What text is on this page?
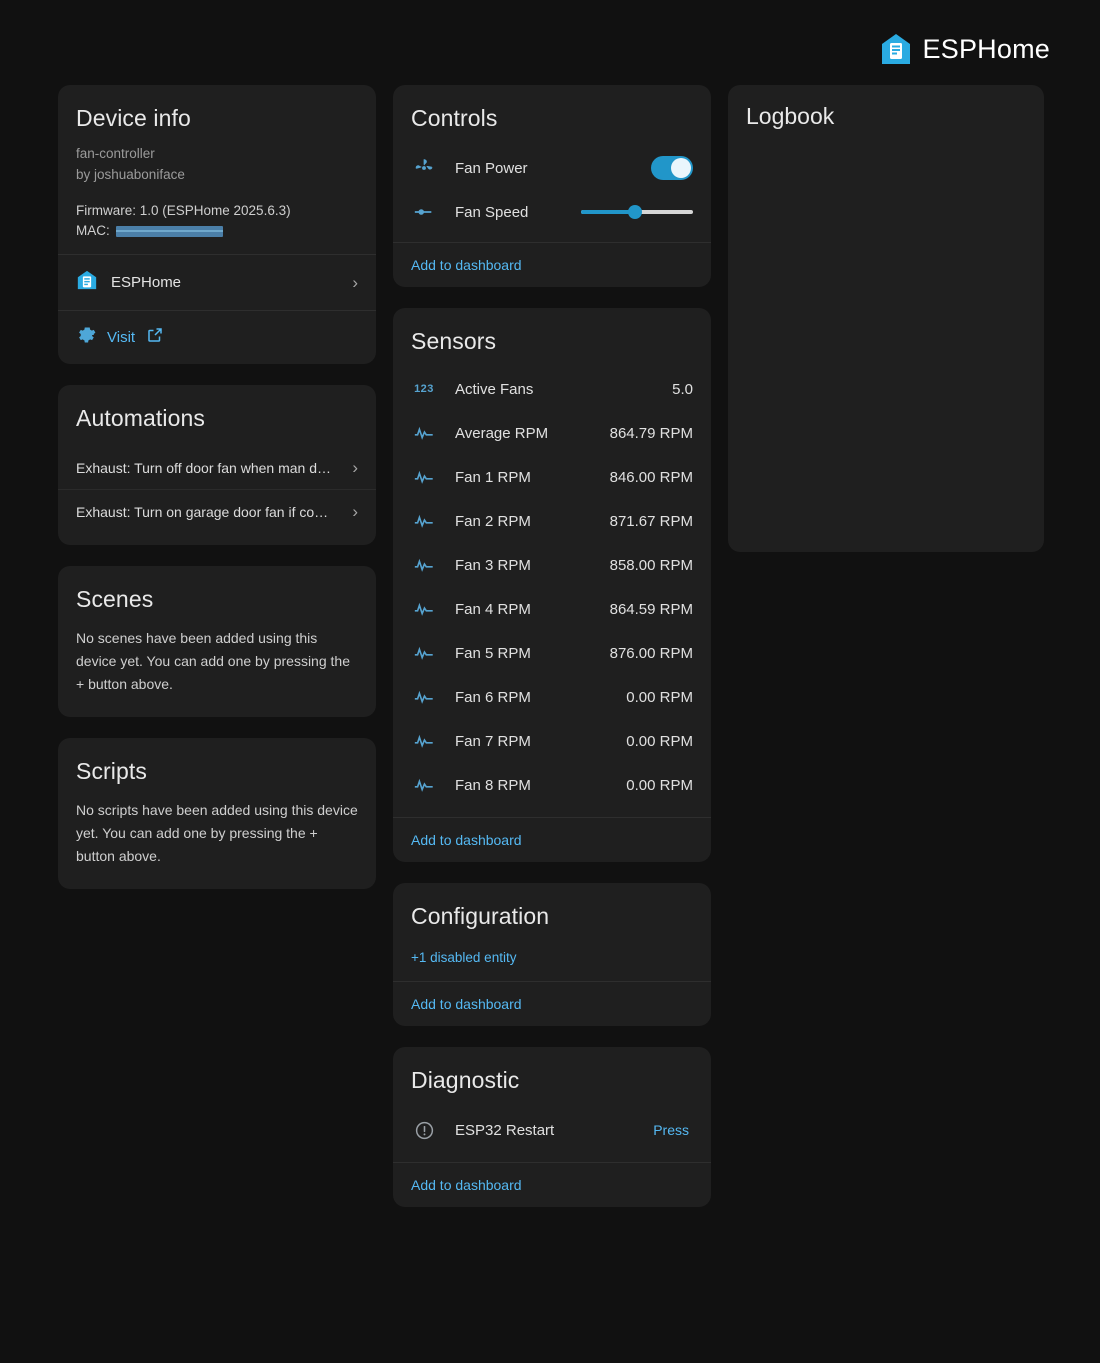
ESPHome
Device info

fan-controller
by joshuaboniface

Firmware: 1.0 (ESPHome 2025.6.3)

MAC:
ESPHome	›
Visit
Automations
Exhaust: Turn off door fan when man d…	›
Exhaust: Turn on garage door fan if co…	›
Scenes

No scenes have been added using this device yet. You can add one by pressing the + button above.

Scripts

No scripts have been added using this device yet. You can add one by pressing the + button above.

Controls
Fan Power
Fan Speed
Add to dashboard
Sensors
123 Active Fans	5.0
Average RPM	864.79 RPM
Fan 1 RPM	846.00 RPM
Fan 2 RPM	871.67 RPM
Fan 3 RPM	858.00 RPM
Fan 4 RPM	864.59 RPM
Fan 5 RPM	876.00 RPM
Fan 6 RPM	0.00 RPM
Fan 7 RPM	0.00 RPM
Fan 8 RPM	0.00 RPM
Add to dashboard
Configuration
+1 disabled entity
Add to dashboard
Diagnostic
ESP32 Restart	Press
Add to dashboard
Logbook
